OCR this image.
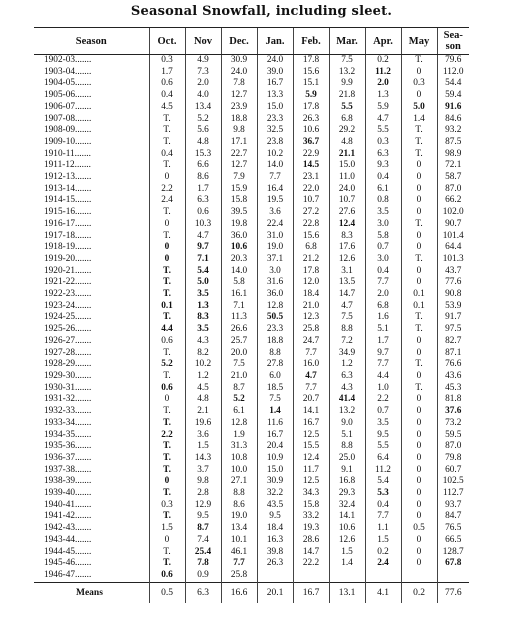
Seasonal Snowfall, including sleet.
Season	Oct.	Nov	Dec.	Jan.	Feb.	Mar.	Apr.	May	Sea-son
1902-03.......	0.3	4.9	30.9	24.0	17.8	7.5	0.2	T.	79.6
1903-04.......	1.7	7.3	24.0	39.0	15.6	13.2	11.2	0	112.0
1904-05.......	0.6	2.0	7.8	16.7	15.1	9.9	2.0	0.3	54.4
1905-06.......	0.4	4.0	12.7	13.3	5.9	21.8	1.3	0	59.4
1906-07.......	4.5	13.4	23.9	15.0	17.8	5.5	5.9	5.0	91.6
1907-08.......	T.	5.2	18.8	23.3	26.3	6.8	4.7	1.4	84.6
1908-09.......	T.	5.6	9.8	32.5	10.6	29.2	5.5	T.	93.2
1909-10.......	T.	4.8	17.1	23.8	36.7	4.8	0.3	T.	87.5
1910-11.......	0.4	15.3	22.7	10.2	22.9	21.1	6.3	T.	98.9
1911-12.......	T.	6.6	12.7	14.0	14.5	15.0	9.3	0	72.1
1912-13.......	0	8.6	7.9	7.7	23.1	11.0	0.4	0	58.7
1913-14.......	2.2	1.7	15.9	16.4	22.0	24.0	6.1	0	87.0
1914-15.......	2.4	6.3	15.8	19.5	10.7	10.7	0.8	0	66.2
1915-16.......	T.	0.6	39.5	3.6	27.2	27.6	3.5	0	102.0
1916-17.......	0	10.3	19.8	22.4	22.8	12.4	3.0	T.	90.7
1917-18.......	T.	4.7	36.0	31.0	15.6	8.3	5.8	0	101.4
1918-19.......	0	9.7	10.6	19.0	6.8	17.6	0.7	0	64.4
1919-20.......	0	7.1	20.3	37.1	21.2	12.6	3.0	T.	101.3
1920-21.......	T.	5.4	14.0	3.0	17.8	3.1	0.4	0	43.7
1921-22.......	T.	5.0	5.8	31.6	12.0	13.5	7.7	0	77.6
1922-23.......	T.	3.5	16.1	36.0	18.4	14.7	2.0	0.1	90.8
1923-24.......	0.1	1.3	7.1	12.8	21.0	4.7	6.8	0.1	53.9
1924-25.......	T.	8.3	11.3	50.5	12.3	7.5	1.6	T.	91.7
1925-26.......	4.4	3.5	26.6	23.3	25.8	8.8	5.1	T.	97.5
1926-27.......	0.6	4.3	25.7	18.8	24.7	7.2	1.7	0	82.7
1927-28.......	T.	8.2	20.0	8.8	7.7	34.9	9.7	0	87.1
1928-29.......	5.2	10.2	7.5	27.8	16.0	1.2	7.7	T.	76.6
1929-30.......	T.	1.2	21.0	6.0	4.7	6.3	4.4	0	43.6
1930-31.......	0.6	4.5	8.7	18.5	7.7	4.3	1.0	T.	45.3
1931-32.......	0	4.8	5.2	7.5	20.7	41.4	2.2	0	81.8
1932-33.......	T.	2.1	6.1	1.4	14.1	13.2	0.7	0	37.6
1933-34.......	T.	19.6	12.8	11.6	16.7	9.0	3.5	0	73.2
1934-35.......	2.2	3.6	1.9	16.7	12.5	5.1	9.5	0	59.5
1935-36.......	T.	1.5	31.3	20.4	15.5	8.8	5.5	0	87.0
1936-37.......	T.	14.3	10.8	10.9	12.4	25.0	6.4	0	79.8
1937-38.......	T.	3.7	10.0	15.0	11.7	9.1	11.2	0	60.7
1938-39.......	0	9.8	27.1	30.9	12.5	16.8	5.4	0	102.5
1939-40.......	T.	2.8	8.8	32.2	34.3	29.3	5.3	0	112.7
1940-41.......	0.3	12.9	8.6	43.5	15.8	32.4	0.4	0	93.7
1941-42.......	T.	9.5	19.0	9.5	33.2	14.1	7.7	0	84.7
1942-43.......	1.5	8.7	13.4	18.4	19.3	10.6	1.1	0.5	76.5
1943-44.......	0	7.4	10.1	16.3	28.6	12.6	1.5	0	66.5
1944-45.......	T.	25.4	46.1	39.8	14.7	1.5	0.2	0	128.7
1945-46.......	T.	7.8	7.7	26.3	22.2	1.4	2.4	0	67.8
1946-47.......	0.6	0.9	25.8						
Means	0.5	6.3	16.6	20.1	16.7	13.1	4.1	0.2	77.6
